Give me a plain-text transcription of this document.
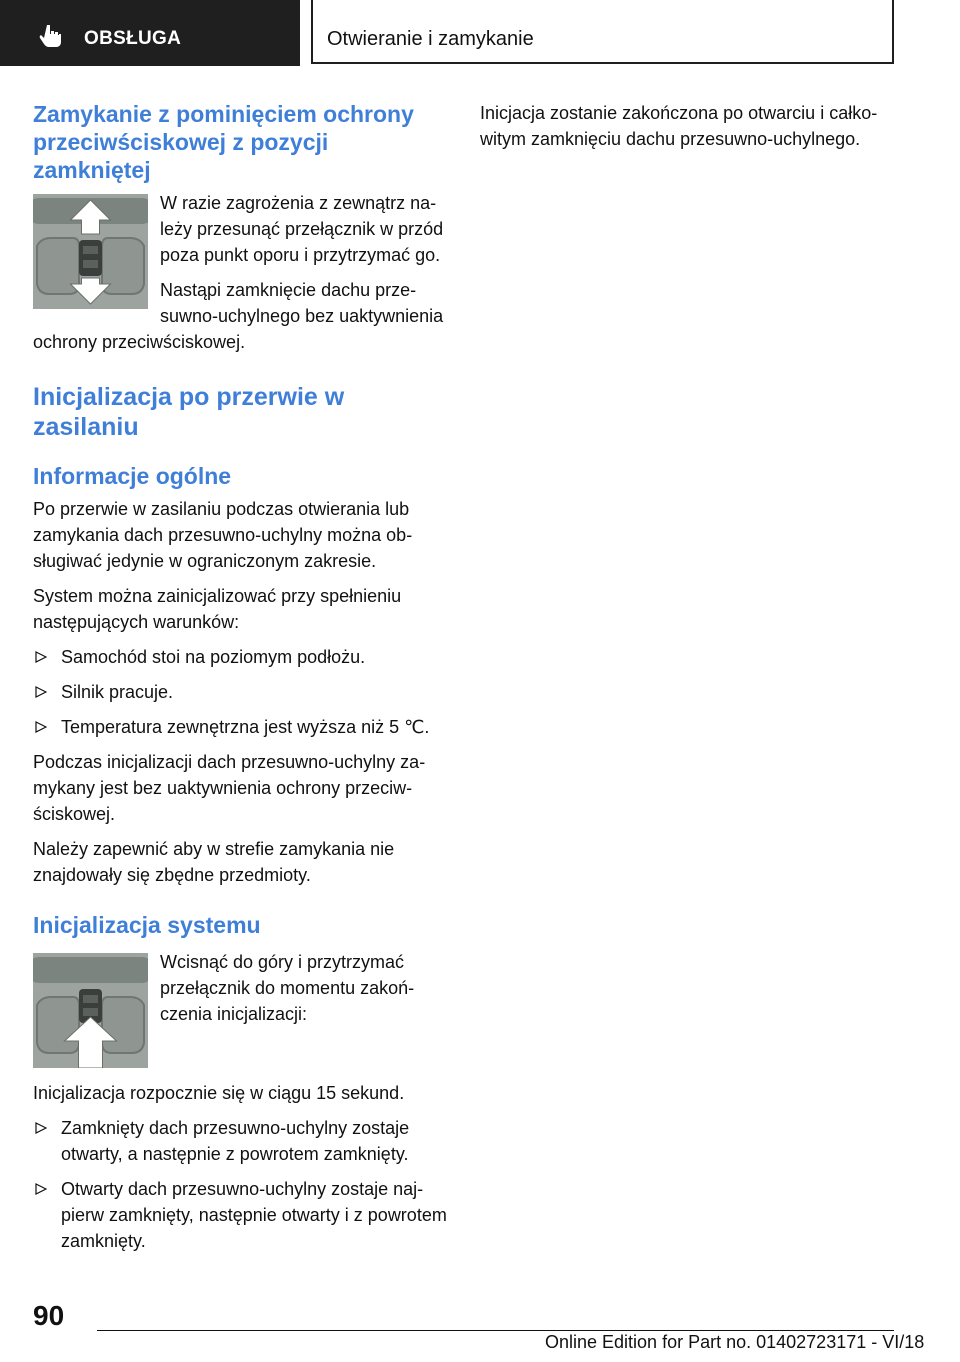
OBSŁUGA	Otwieranie i zamykanie
Zamykanie z pominięciem ochrony przeciwściskowej z pozycji zamkniętej

W razie zagrożenia z zewnątrz należy przesunąć przełącznik w przód poza punkt oporu i przytrzymać go.

Nastąpi zamknięcie dachu przesuwno-uchylnego bez uaktywnienia ochrony przeciwściskowej.

Inicjalizacja po przerwie w zasilaniu
Informacje ogólne

Po przerwie w zasilaniu podczas otwierania lub zamykania dach przesuwno-uchylny można obsługiwać jedynie w ograniczonym zakresie.

System można zainicjalizować przy spełnieniu następujących warunków:

Samochód stoi na poziomym podłożu.
Silnik pracuje.
Temperatura zewnętrzna jest wyższa niż 5 ℃.

Podczas inicjalizacji dach przesuwno-uchylny zamykany jest bez uaktywnienia ochrony przeciwściskowej.

Należy zapewnić aby w strefie zamykania nie znajdowały się zbędne przedmioty.

Inicjalizacja systemu

Wcisnąć do góry i przytrzymać przełącznik do momentu zakończenia inicjalizacji:

Inicjalizacja rozpocznie się w ciągu 15 sekund.

Zamknięty dach przesuwno-uchylny zostaje otwarty, a następnie z powrotem zamknięty.
Otwarty dach przesuwno-uchylny zostaje najpierw zamknięty, następnie otwarty i z powrotem zamknięty.

Inicjacja zostanie zakończona po otwarciu i całkowitym zamknięciu dachu przesuwno-uchylnego.

90
Online Edition for Part no. 01402723171 - VI/18
